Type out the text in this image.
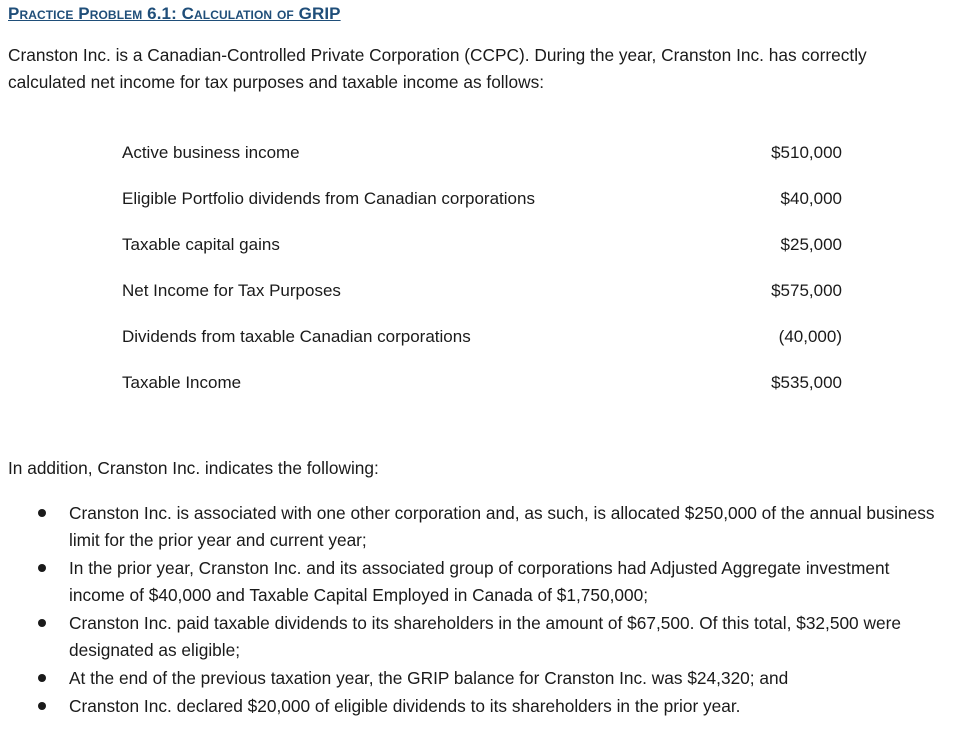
Practice Problem 6.1: Calculation of GRIP

Cranston Inc. is a Canadian-Controlled Private Corporation (CCPC). During the year, Cranston Inc. has correctly calculated net income for tax purposes and taxable income as follows:

Active business income	$510,000
Eligible Portfolio dividends from Canadian corporations	$40,000
Taxable capital gains	$25,000
Net Income for Tax Purposes	$575,000
Dividends from taxable Canadian corporations	(40,000)
Taxable Income	$535,000

In addition, Cranston Inc. indicates the following:

Cranston Inc. is associated with one other corporation and, as such, is allocated $250,000 of the annual business limit for the prior year and current year;
In the prior year, Cranston Inc. and its associated group of corporations had Adjusted Aggregate investment income of $40,000 and Taxable Capital Employed in Canada of $1,750,000;
Cranston Inc. paid taxable dividends to its shareholders in the amount of $67,500. Of this total, $32,500 were designated as eligible;
At the end of the previous taxation year, the GRIP balance for Cranston Inc. was $24,320; and
Cranston Inc. declared $20,000 of eligible dividends to its shareholders in the prior year.
